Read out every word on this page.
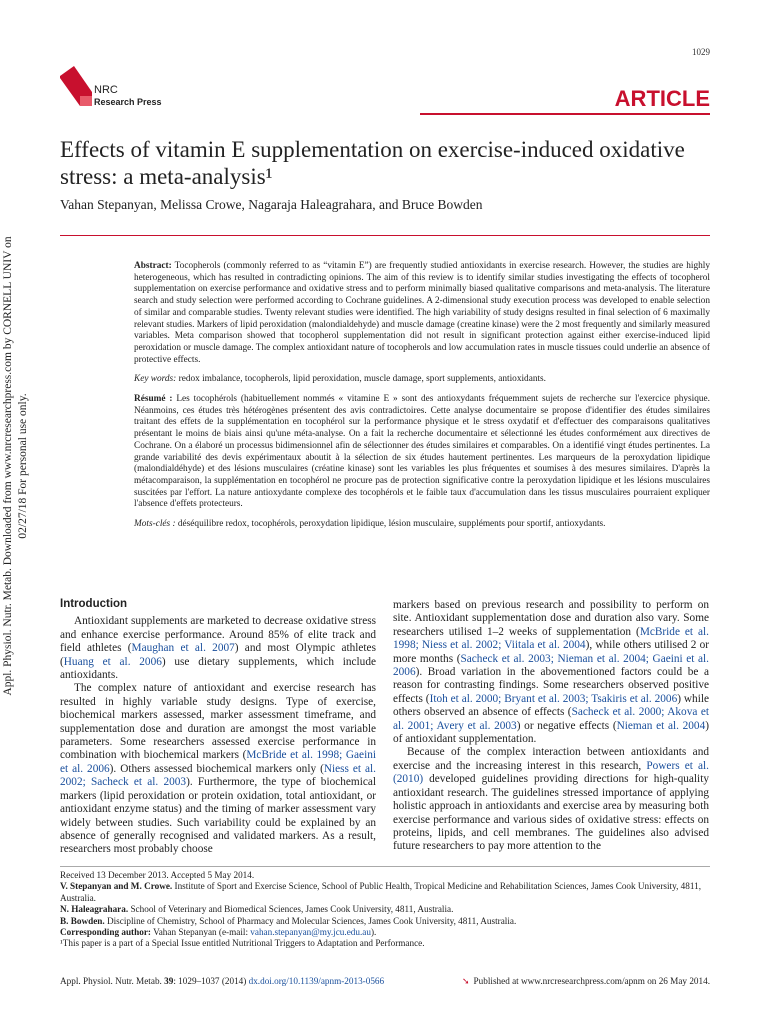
1029
NRC
Research Press	ARTICLE
Appl. Physiol. Nutr. Metab. Downloaded from www.nrcresearchpress.com by CORNELL UNIV on 02/27/18 For personal use only.
Effects of vitamin E supplementation on exercise-induced oxidative stress: a meta-analysis¹
Vahan Stepanyan, Melissa Crowe, Nagaraja Haleagrahara, and Bruce Bowden

Abstract: Tocopherols (commonly referred to as “vitamin E”) are frequently studied antioxidants in exercise research. However, the studies are highly heterogeneous, which has resulted in contradicting opinions. The aim of this review is to identify similar studies investigating the effects of tocopherol supplementation on exercise performance and oxidative stress and to perform minimally biased qualitative comparisons and meta-analysis. The literature search and study selection were performed according to Cochrane guidelines. A 2-dimensional study execution process was developed to enable selection of similar and comparable studies. Twenty relevant studies were identified. The high variability of study designs resulted in final selection of 6 maximally relevant studies. Markers of lipid peroxidation (malondialdehyde) and muscle damage (creatine kinase) were the 2 most frequently and similarly measured variables. Meta comparison showed that tocopherol supplementation did not result in significant protection against either exercise-induced lipid peroxidation or muscle damage. The complex antioxidant nature of tocopherols and low accumulation rates in muscle tissues could underlie an absence of protective effects.

Key words: redox imbalance, tocopherols, lipid peroxidation, muscle damage, sport supplements, antioxidants.

Résumé : Les tocophérols (habituellement nommés « vitamine E » sont des antioxydants fréquemment sujets de recherche sur l'exercice physique. Néanmoins, ces études très hétérogènes présentent des avis contradictoires. Cette analyse documentaire se propose d'identifier des études similaires traitant des effets de la supplémentation en tocophérol sur la performance physique et le stress oxydatif et d'effectuer des comparaisons qualitatives présentant le moins de biais ainsi qu'une méta-analyse. On a fait la recherche documentaire et sélectionné les études conformément aux directives de Cochrane. On a élaboré un processus bidimensionnel afin de sélectionner des études similaires et comparables. On a identifié vingt études pertinentes. La grande variabilité des devis expérimentaux aboutit à la sélection de six études hautement pertinentes. Les marqueurs de la peroxydation lipidique (malondialdéhyde) et des lésions musculaires (créatine kinase) sont les variables les plus fréquentes et soumises à des mesures similaires. D'après la métacomparaison, la supplémentation en tocophérol ne procure pas de protection significative contre la peroxydation lipidique et les lésions musculaires suscitées par l'effort. La nature antioxydante complexe des tocophérols et le faible taux d'accumulation dans les tissus musculaires pourraient expliquer l'absence d'effets protecteurs.

Mots-clés : déséquilibre redox, tocophérols, peroxydation lipidique, lésion musculaire, suppléments pour sportif, antioxydants.

Introduction

Antioxidant supplements are marketed to decrease oxidative stress and enhance exercise performance. Around 85% of elite track and field athletes (Maughan et al. 2007) and most Olympic athletes (Huang et al. 2006) use dietary supplements, which include antioxidants.

The complex nature of antioxidant and exercise research has resulted in highly variable study designs. Type of exercise, biochemical markers assessed, marker assessment timeframe, and supplementation dose and duration are amongst the most variable parameters. Some researchers assessed exercise performance in combination with biochemical markers (McBride et al. 1998; Gaeini et al. 2006). Others assessed biochemical markers only (Niess et al. 2002; Sacheck et al. 2003). Furthermore, the type of biochemical markers (lipid peroxidation or protein oxidation, total antioxidant, or antioxidant enzyme status) and the timing of marker assessment vary widely between studies. Such variability could be explained by an absence of generally recognised and validated markers. As a result, researchers most probably choose

markers based on previous research and possibility to perform on site. Antioxidant supplementation dose and duration also vary. Some researchers utilised 1–2 weeks of supplementation (McBride et al. 1998; Niess et al. 2002; Viitala et al. 2004), while others utilised 2 or more months (Sacheck et al. 2003; Nieman et al. 2004; Gaeini et al. 2006). Broad variation in the abovementioned factors could be a reason for contrasting findings. Some researchers observed positive effects (Itoh et al. 2000; Bryant et al. 2003; Tsakiris et al. 2006) while others observed an absence of effects (Sacheck et al. 2000; Akova et al. 2001; Avery et al. 2003) or negative effects (Nieman et al. 2004) of antioxidant supplementation.

Because of the complex interaction between antioxidants and exercise and the increasing interest in this research, Powers et al. (2010) developed guidelines providing directions for high-quality antioxidant research. The guidelines stressed importance of applying holistic approach in antioxidants and exercise area by measuring both exercise performance and various sides of oxidative stress: effects on proteins, lipids, and cell membranes. The guidelines also advised future researchers to pay more attention to the

Received 13 December 2013. Accepted 5 May 2014.
V. Stepanyan and M. Crowe. Institute of Sport and Exercise Science, School of Public Health, Tropical Medicine and Rehabilitation Sciences, James Cook University, 4811, Australia.
N. Haleagrahara. School of Veterinary and Biomedical Sciences, James Cook University, 4811, Australia.
B. Bowden. Discipline of Chemistry, School of Pharmacy and Molecular Sciences, James Cook University, 4811, Australia.
Corresponding author: Vahan Stepanyan (e-mail: vahan.stepanyan@my.jcu.edu.au).
¹This paper is a part of a Special Issue entitled Nutritional Triggers to Adaptation and Performance.
Appl. Physiol. Nutr. Metab. 39: 1029–1037 (2014) dx.doi.org/10.1139/apnm-2013-0566	➘ Published at www.nrcresearchpress.com/apnm on 26 May 2014.
